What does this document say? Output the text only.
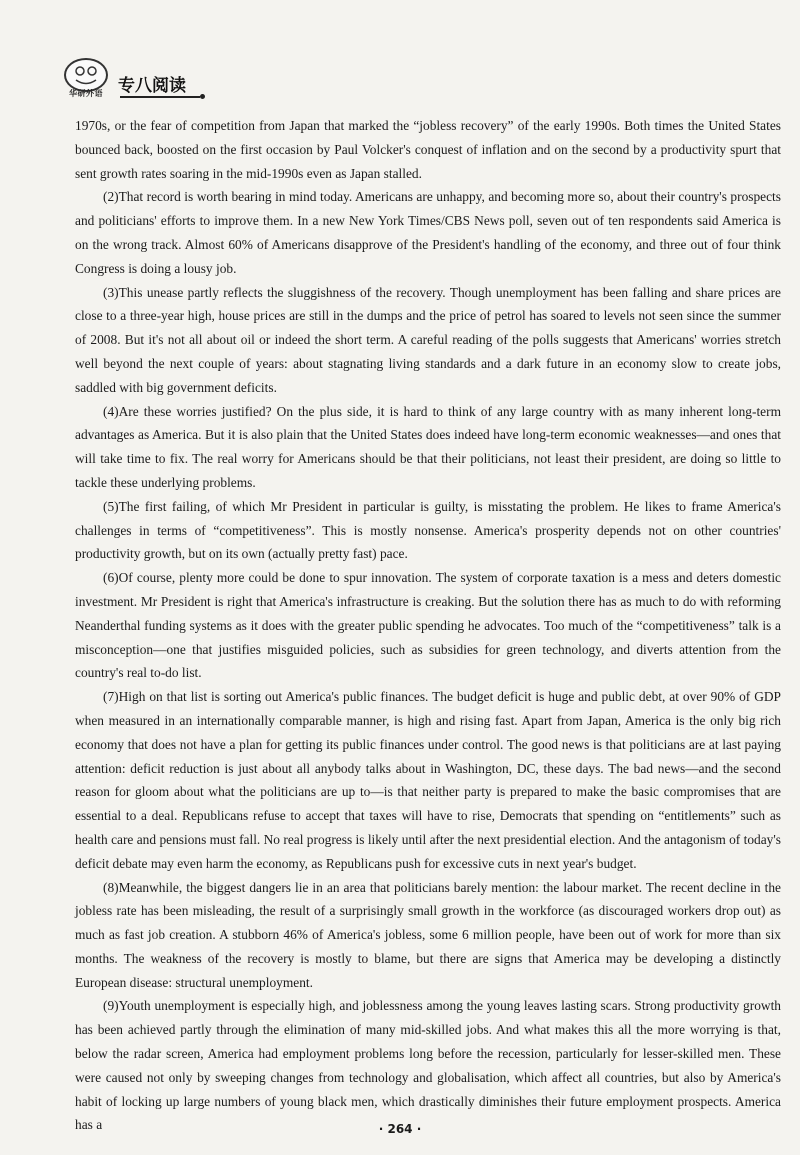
华研外语 专八阅读

1970s, or the fear of competition from Japan that marked the “jobless recovery” of the early 1990s. Both times the United States bounced back, boosted on the first occasion by Paul Volcker's conquest of inflation and on the second by a productivity spurt that sent growth rates soaring in the mid-1990s even as Japan stalled.

(2)That record is worth bearing in mind today. Americans are unhappy, and becoming more so, about their country's prospects and politicians' efforts to improve them. In a new New York Times/CBS News poll, seven out of ten respondents said America is on the wrong track. Almost 60% of Americans disapprove of the President's handling of the economy, and three out of four think Congress is doing a lousy job.

(3)This unease partly reflects the sluggishness of the recovery. Though unemployment has been falling and share prices are close to a three-year high, house prices are still in the dumps and the price of petrol has soared to levels not seen since the summer of 2008. But it's not all about oil or indeed the short term. A careful reading of the polls suggests that Americans' worries stretch well beyond the next couple of years: about stagnating living standards and a dark future in an economy slow to create jobs, saddled with big government deficits.

(4)Are these worries justified? On the plus side, it is hard to think of any large country with as many inherent long-term advantages as America. But it is also plain that the United States does indeed have long-term economic weaknesses—and ones that will take time to fix. The real worry for Americans should be that their politicians, not least their president, are doing so little to tackle these underlying problems.

(5)The first failing, of which Mr President in particular is guilty, is misstating the problem. He likes to frame America's challenges in terms of “competitiveness”. This is mostly nonsense. America's prosperity depends not on other countries' productivity growth, but on its own (actually pretty fast) pace.

(6)Of course, plenty more could be done to spur innovation. The system of corporate taxation is a mess and deters domestic investment. Mr President is right that America's infrastructure is creaking. But the solution there has as much to do with reforming Neanderthal funding systems as it does with the greater public spending he advocates. Too much of the “competitiveness” talk is a misconception—one that justifies misguided policies, such as subsidies for green technology, and diverts attention from the country's real to-do list.

(7)High on that list is sorting out America's public finances. The budget deficit is huge and public debt, at over 90% of GDP when measured in an internationally comparable manner, is high and rising fast. Apart from Japan, America is the only big rich economy that does not have a plan for getting its public finances under control. The good news is that politicians are at last paying attention: deficit reduction is just about all anybody talks about in Washington, DC, these days. The bad news—and the second reason for gloom about what the politicians are up to—is that neither party is prepared to make the basic compromises that are essential to a deal. Republicans refuse to accept that taxes will have to rise, Democrats that spending on “entitlements” such as health care and pensions must fall. No real progress is likely until after the next presidential election. And the antagonism of today's deficit debate may even harm the economy, as Republicans push for excessive cuts in next year's budget.

(8)Meanwhile, the biggest dangers lie in an area that politicians barely mention: the labour market. The recent decline in the jobless rate has been misleading, the result of a surprisingly small growth in the workforce (as discouraged workers drop out) as much as fast job creation. A stubborn 46% of America's jobless, some 6 million people, have been out of work for more than six months. The weakness of the recovery is mostly to blame, but there are signs that America may be developing a distinctly European disease: structural unemployment.

(9)Youth unemployment is especially high, and joblessness among the young leaves lasting scars. Strong productivity growth has been achieved partly through the elimination of many mid-skilled jobs. And what makes this all the more worrying is that, below the radar screen, America had employment problems long before the recession, particularly for lesser-skilled men. These were caused not only by sweeping changes from technology and globalisation, which affect all countries, but also by America's habit of locking up large numbers of young black men, which drastically diminishes their future employment prospects. America has a	· 264 ·
